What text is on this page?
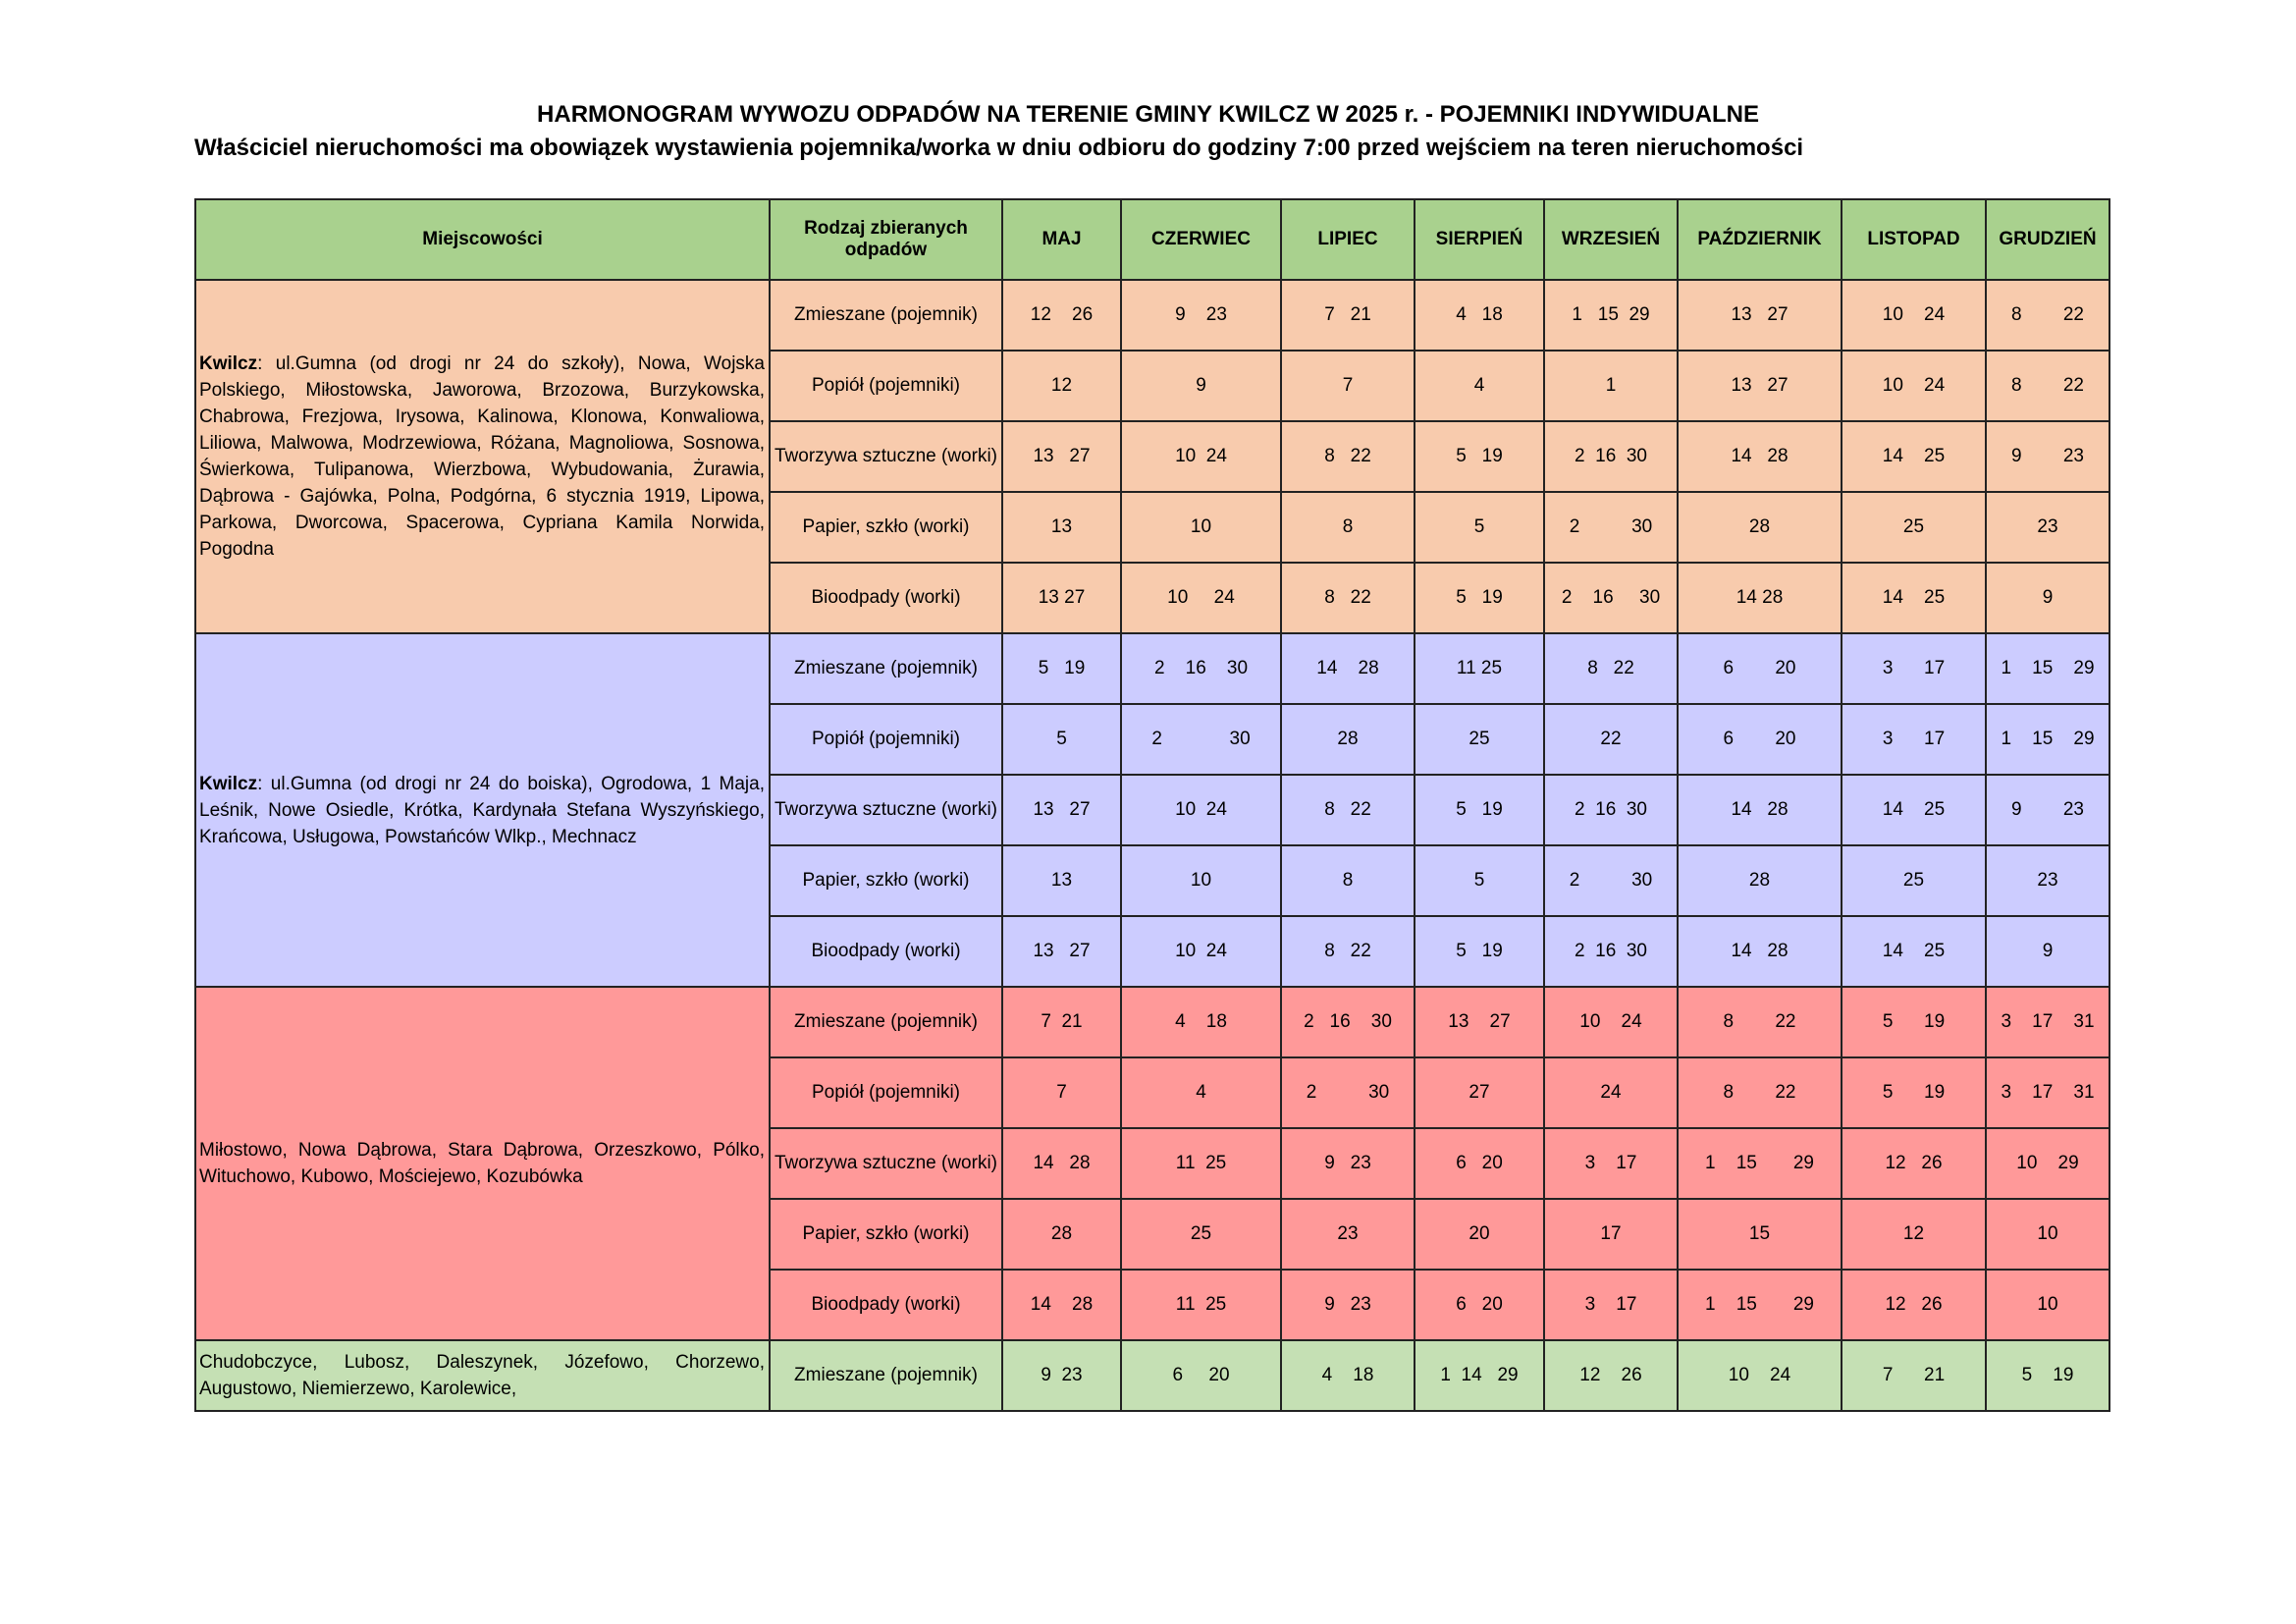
HARMONOGRAM WYWOZU ODPADÓW NA TERENIE GMINY KWILCZ W 2025 r. - POJEMNIKI INDYWIDUALNE
Właściciel nieruchomości ma obowiązek wystawienia pojemnika/worka w dniu odbioru do godziny 7:00 przed wejściem na teren nieruchomości
Miejscowości	Rodzaj zbieranych odpadów	MAJ	CZERWIEC	LIPIEC	SIERPIEŃ	WRZESIEŃ	PAŹDZIERNIK	LISTOPAD	GRUDZIEŃ
Kwilcz: ul.Gumna (od drogi nr 24 do szkoły), Nowa, Wojska Polskiego, Miłostowska, Jaworowa, Brzozowa, Burzykowska, Chabrowa, Frezjowa, Irysowa, Kalinowa, Klonowa, Konwaliowa, Liliowa, Malwowa, Modrzewiowa, Różana, Magnoliowa, Sosnowa, Świerkowa, Tulipanowa, Wierzbowa, Wybudowania, Żurawia, Dąbrowa - Gajówka, Polna, Podgórna, 6 stycznia 1919, Lipowa, Parkowa, Dworcowa, Spacerowa, Cypriana Kamila Norwida, Pogodna	Zmieszane (pojemnik)	12    26	9    23	7   21	4   18	1   15  29	13   27	10    24	8        22
	Popiół (pojemniki)	12	9	7	4	1	13   27	10    24	8        22
	Tworzywa sztuczne (worki)	13   27	10  24	8   22	5   19	2  16  30	14   28	14    25	9        23
	Papier, szkło (worki)	13	10	8	5	2          30	28	25	23
	Bioodpady (worki)	13 27	10     24	8   22	5   19	2    16     30	14 28	14    25	9
Kwilcz: ul.Gumna (od drogi nr 24 do boiska), Ogrodowa, 1 Maja, Leśnik, Nowe Osiedle, Krótka, Kardynała Stefana Wyszyńskiego, Krańcowa, Usługowa, Powstańców Wlkp., Mechnacz	Zmieszane (pojemnik)	5   19	2    16    30	14    28	11 25	8   22	6        20	3      17	1    15    29
	Popiół (pojemniki)	5	2             30	28	25	22	6        20	3      17	1    15    29
	Tworzywa sztuczne (worki)	13   27	10  24	8   22	5   19	2  16  30	14   28	14    25	9        23
	Papier, szkło (worki)	13	10	8	5	2          30	28	25	23
	Bioodpady (worki)	13   27	10  24	8   22	5   19	2  16  30	14   28	14    25	9
Miłostowo, Nowa Dąbrowa, Stara Dąbrowa, Orzeszkowo, Pólko, Wituchowo, Kubowo, Mościejewo, Kozubówka	Zmieszane (pojemnik)	7  21	4    18	2   16    30	13    27	10    24	8        22	5      19	3    17    31
	Popiół (pojemniki)	7	4	2          30	27	24	8        22	5      19	3    17    31
	Tworzywa sztuczne (worki)	14   28	11  25	9   23	6   20	3    17	1    15       29	12   26	10    29
	Papier, szkło (worki)	28	25	23	20	17	15	12	10
	Bioodpady (worki)	14    28	11  25	9   23	6   20	3    17	1    15       29	12   26	10
Chudobczyce, Lubosz, Daleszynek, Józefowo, Chorzewo, Augustowo, Niemierzewo, Karolewice,	Zmieszane (pojemnik)	9  23	6     20	4    18	1  14   29	12    26	10    24	7      21	5    19
